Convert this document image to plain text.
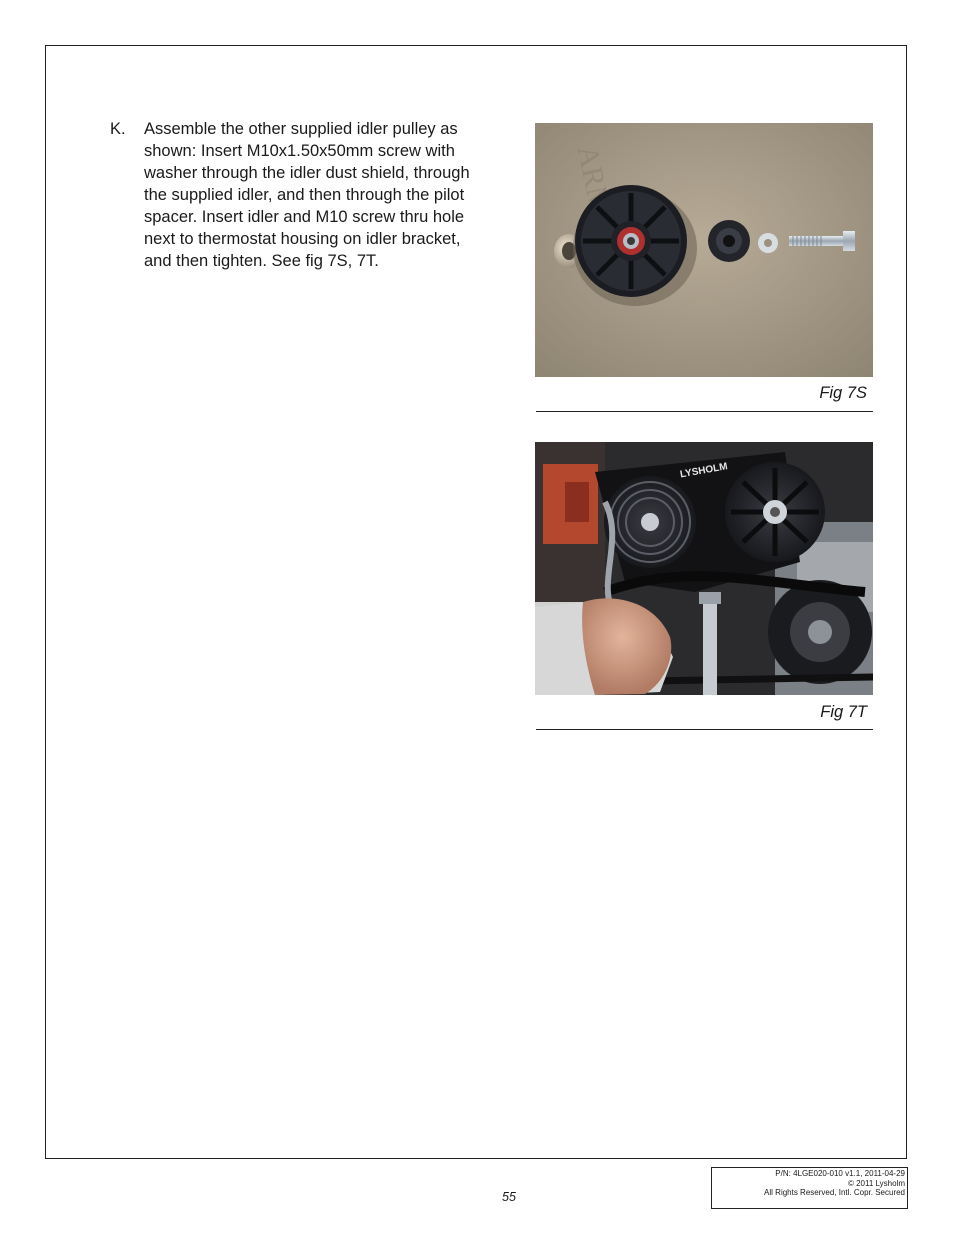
K. Assemble the other supplied idler pulley as
shown: Insert M10x1.50x50mm screw with
washer through the idler dust shield, through
the supplied idler, and then through the pilot
spacer. Insert idler and M10 screw thru hole
next to thermostat housing on idler bracket,
and then tighten. See fig 7S, 7T.
Fig 7S
LYSHOLM
Fig 7T
55
P/N: 4LGE020-010 v1.1, 2011-04-29
© 2011 Lysholm
All Rights Reserved, Intl. Copr. Secured
